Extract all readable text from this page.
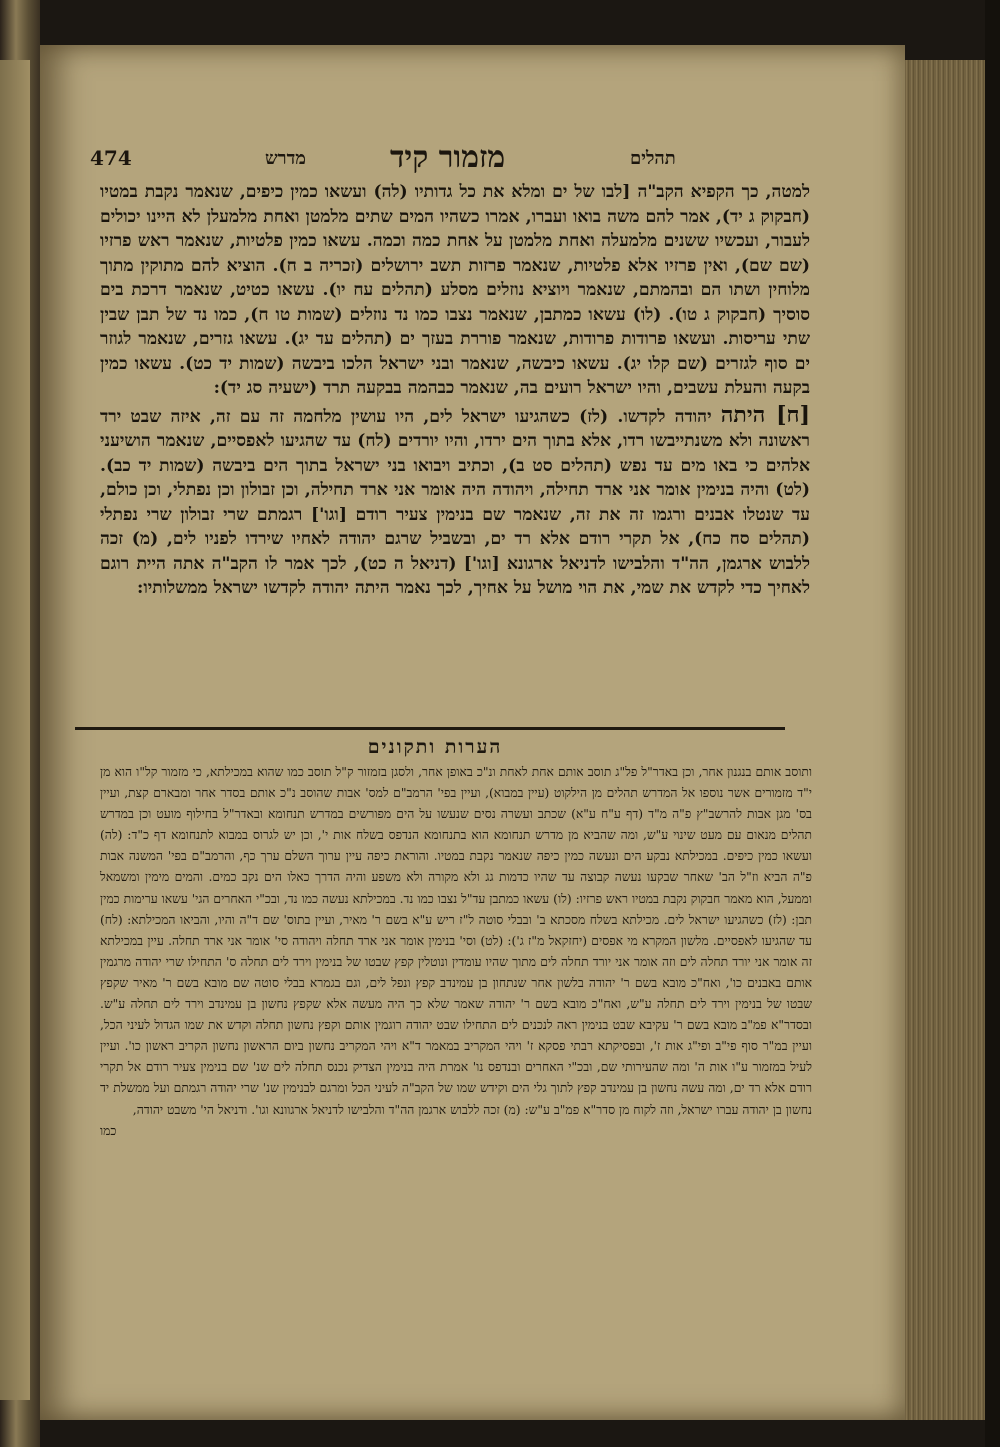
474	מדרש	מזמור קיד	תהלים

למטה, כך הקפיא הקב"ה [לבו של ים ומלא את כל גדותיו (לה) ועשאו כמין כיפים, שנאמר נקבת במטיו (חבקוק ג יד), אמר להם משה בואו ועברו, אמרו כשהיו המים שתים מלמטן ואחת מלמעלן לא היינו יכולים לעבור, ועכשיו ששנים מלמעלה ואחת מלמטן על אחת כמה וכמה. עשאו כמין פלטיות, שנאמר ראש פרזיו (שם שם), ואין פרזיו אלא פלטיות, שנאמר פרזות תשב ירושלים (זכריה ב ח). הוציא להם מתוקין מתוך מלוחין ושתו הם ובהמתם, שנאמר ויוציא נוזלים מסלע (תהלים עח יו). עשאו כטיט, שנאמר דרכת בים סוסיך (חבקוק ג טו). (לו) עשאו כמתבן, שנאמר נצבו כמו נד נוזלים (שמות טו ח), כמו נד של תבן שבין שתי עריסות. ועשאו פרודות פרודות, שנאמר פוררת בעזך ים (תהלים עד יג). עשאו גזרים, שנאמר לגוזר ים סוף לגזרים (שם קלו יג). עשאו כיבשה, שנאמר ובני ישראל הלכו ביבשה (שמות יד כט). עשאו כמין בקעה והעלת עשבים, והיו ישראל רועים בה, שנאמר כבהמה בבקעה תרד (ישעיה סג יד):

[ח] היתה יהודה לקדשו. (לז) כשהגיעו ישראל לים, היו עושין מלחמה זה עם זה, איזה שבט ירד ראשונה ולא משנתייבשו רדו, אלא בתוך הים ירדו, והיו יורדים (לח) עד שהגיעו לאפסיים, שנאמר הושיעני אלהים כי באו מים עד נפש (תהלים סט ב), וכתיב ויבואו בני ישראל בתוך הים ביבשה (שמות יד כב). (לט) והיה בנימין אומר אני ארד תחילה, ויהודה היה אומר אני ארד תחילה, וכן זבולון וכן נפתלי, וכן כולם, עד שנטלו אבנים ורגמו זה את זה, שנאמר שם בנימין צעיר רודם [וגו'] רגמתם שרי זבולון שרי נפתלי (תהלים סח כח), אל תקרי רודם אלא רד ים, ובשביל שרגם יהודה לאחיו שירדו לפניו לים, (מ) זכה ללבוש ארגמן, הה"ד והלבישו לדניאל ארגונא [וגו'] (דניאל ה כט), לכך אמר לו הקב"ה אתה היית רוגם לאחיך כדי לקדש את שמי, את הוי מושל על אחיך, לכך נאמר היתה יהודה לקדשו ישראל ממשלותיו:

הערות ותקונים

ותוסב אותם בנגנון אחר, וכן באדר"ל פל"ג תוסב אותם אחת לאחת ונ"כ באופן אחר, ולסגן בזמזור ק"ל תוסב כמו שהוא במכילתא, כי מזמור קל"ו הוא מן י"ד מזמורים אשר נוספו אל המדרש תהלים מן הילקוט (עיין במבוא), ועיין בפי' הרמב"ם למס' אבות שהוסב נ"כ אותם בסדר אחר ומבארם קצת, ועיין בס' מגן אבות להרשב"ץ פ"ה מ"ד (דף ע"ח ע"א) שכתב ועשרה נסים שנעשו על הים מפורשים במדרש תנחומא ובאדר"ל בחילוף מועט וכן במדרש תהלים מנאום עם מעט שינוי ע"ש, ומה שהביא מן מדרש תנחומא הוא בתנחומא הנדפס בשלח אות י', וכן יש לגרוס במבוא לתנחומא דף כ"ד: (לה) ועשאו כמין כיפים. במכילתא נבקע הים ונעשה כמין כיפה שנאמר נקבת במטיו. והוראת כיפה עיין ערוך השלם ערך כף, והרמב"ם בפי' המשנה אבות פ"ה הביא וז"ל הב' שאחר שבקעו נעשה קבוצה עד שהיו כדמות גג ולא מקורה ולא משפע והיה הדרך כאלו הים נקב כמים. והמים מימין ומשמאל וממעל, הוא מאמר חבקוק נקבת במטיו ראש פרזיו: (לו) עשאו כמתבן עד"ל נצבו כמו נד. במכילתא נעשה כמו נד, ובכ"י האחרים הגי' עשאו ערימות כמין תבן: (לז) כשהגיעו ישראל לים. מכילתא בשלח מסכתא ב' ובבלי סוטה ל"ז ריש ע"א בשם ר' מאיר, ועיין בתוס' שם ד"ה והיו, והביאו המכילתא: (לח) עד שהגיעו לאפסיים. מלשון המקרא מי אפסים (יחזקאל מ"ז ג'): (לט) וסי' בנימין אומר אני ארד תחלה ויהודה סי' אומר אני ארד תחלה. עיין במכילתא זה אומר אני יורד תחלה לים וזה אומר אני יורד תחלה לים מתוך שהיו עומדין ונוטלין קפץ שבטו של בנימין וירד לים תחלה ס' התחילו שרי יהודה מרגמין אותם באבנים כו', ואח"כ מובא בשם ר' יהודה בלשון אחר שנתחון בן עמינדב קפץ ונפל לים, וגם בגמרא בבלי סוטה שם מובא בשם ר' מאיר שקפץ שבטו של בנימין וירד לים תחלה ע"ש, ואח"כ מובא בשם ר' יהודה שאמר שלא כך היה מעשה אלא שקפץ נחשון בן עמינדב וירד לים תחלה ע"ש. ובסדר"א פמ"ב מובא בשם ר' עקיבא שבט בנימין ראה לנכנים לים התחילו שבט יהודה רוגמין אותם וקפץ נחשון תחלה וקדש את שמו הגדול לעיני הכל, ועיין במ"ר סוף פי"ב ופי"ג אות ז', ובפסיקתא רבתי פסקא ז' ויהי המקריב במאמר ד"א ויהי המקריב נחשון ביום הראשון נחשון הקריב ראשון כו'. ועיין לעיל במזמור ע"ו אות ה' ומה שהעירותי שם, ובכ"י האחרים ובנדפס נו' אמרת היה בנימין הצדיק נכנס תחלה לים שנ' שם בנימין צעיר רודם אל תקרי רודם אלא רד ים, ומה עשה נחשון בן עמינדב קפץ לתוך גלי הים וקידש שמו של הקב"ה לעיני הכל ומרגם לבנימין שנ' שרי יהודה רגמתם ועל ממשלת יד נחשון בן יהודה עברו ישראל, וזה לקוח מן סדר"א פמ"ב ע"ש: (מ) זכה ללבוש ארגמן הה"ד והלבישו לדניאל ארגוונא וגו'. ודניאל הי' משבט יהודה,

כמו
